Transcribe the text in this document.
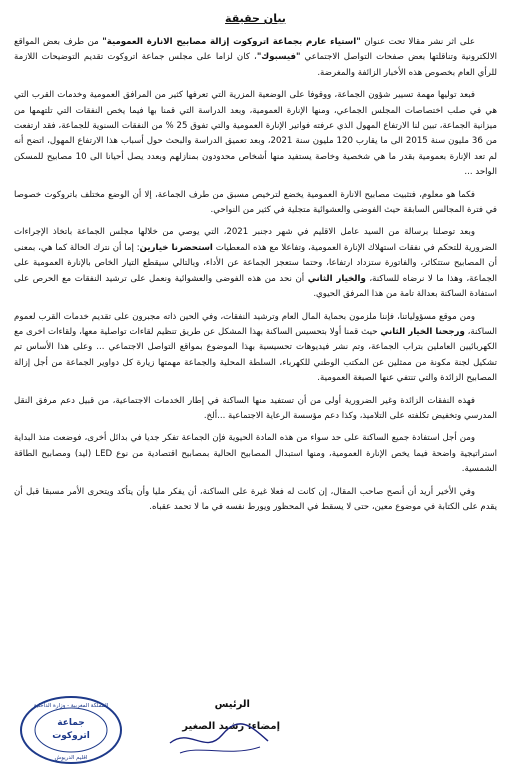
بيان حقيقة

على اثر نشر مقالا تحت عنوان "استياء عارم بجماعة اتروكوت إزالة مصابيح الانارة العمومية" من طرف بعض المواقع الالكترونية وتناقلتها بعض صفحات التواصل الاجتماعي "فيسبوك"، كان لزاما على مجلس جماعة اتروكوت تقديم التوضيحات اللازمة للرأي العام بخصوص هذه الأخبار الزائفة والمغرضة.

فبعد توليها مهمة تسيير شؤون الجماعة، ووقوفا على الوضعية المزرية التي تعرفها كثير من المرافق العمومية وخدمات القرب التي هي في صلب اختصاصات المجلس الجماعي، ومنها الإنارة العمومية، وبعد الدراسة التي قمنا بها فيما يخص النفقات التي تلتهمها من ميزانية الجماعة، تبين لنا الارتفاع المهول الذي عرفته فواتير الإنارة العمومية والتي تفوق 25 % من النفقات السنوية للجماعة، فقد ارتفعت من 36 مليون سنة 2015 الى ما يقارب 120 مليون سنة 2021، وبعد تعميق الدراسة والبحث حول أسباب هذا الارتفاع المهول، اتضح أنه لم تعد الإنارة بعمومية بقدر ما هي شخصية وخاصة يستفيد منها أشخاص محدودون بمنازلهم وبعدد يصل أحيانا الى 10 مصابيح للمسكن الواحد ...

فكما هو معلوم، فتثبيت مصابيح الانارة العمومية يخضع لترخيص مسبق من طرف الجماعة، إلا أن الوضع مختلف باتروكوت خصوصا في فترة المجالس السابقة حيث الفوضى والعشوائية متجلية في كثير من النواحي.

وبعد توصلنا برسالة من السيد عامل الاقليم في شهر دجنبر 2021، التي يوصي من خلالها مجلس الجماعة باتخاذ الإجراءات الضرورية للتحكم في نفقات استهلاك الإنارة العمومية، وتفاعلا مع هذه المعطيات استحضرنا خيارين: إما أن نترك الحالة كما هي، بمعنى أن المصابيح ستتكاثر، والفاتورة ستزداد ارتفاعا، وحتما ستعجز الجماعة عن الأداء، وبالتالي سيقطع التيار الخاص بالإنارة العمومية على الجماعة، وهذا ما لا نرضاه للساكنة، والخيار الثاني أن نحد من هذه الفوضى والعشوائية ونعمل على ترشيد النفقات مع الحرص على استفادة الساكنة بعدالة تامة من هذا المرفق الحيوي.

ومن موقع مسؤولياتنا، فإننا ملزمون بحماية المال العام وترشيد النفقات، وفي الحين ذاته مجبرون على تقديم خدمات القرب لعموم الساكنة، ورجحنا الخيار الثاني حيث قمنا أولا بتحسيس الساكنة بهذا المشكل عن طريق تنظيم لقاءات تواصلية معها، ولقاءات اخرى مع الكهربائيين العاملين بتراب الجماعة، وتم نشر فيديوهات تحسيسية بهذا الموضوع بمواقع التواصل الاجتماعي ... وعلى هذا الأساس تم تشكيل لجنة مكونة من ممثلين عن المكتب الوطني للكهرباء، السلطة المحلية والجماعة مهمتها زيارة كل دواوير الجماعة من أجل إزالة المصابيح الزائدة والتي تنتفي عنها الصبغة العمومية.

فهذه النفقات الزائدة وغير الضرورية أولى من أن تستفيد منها الساكنة في إطار الخدمات الاجتماعية، من قبيل دعم مرفق النقل المدرسي وتخفيض تكلفته على التلاميذ، وكذا دعم مؤسسة الرعاية الاجتماعية ...ألخ.

ومن أجل استفادة جميع الساكنة على حد سواء من هذه المادة الحيوية فإن الجماعة تفكر جديا في بدائل أخرى، فوضعت منذ البداية استراتيجية واضحة فيما يخص الإنارة العمومية، ومنها استبدال المصابيح الحالية بمصابيح اقتصادية من نوع LED (ليد) ومصابيح الطاقة الشمسية.

وفي الأخير أريد أن أنصح صاحب المقال، إن كانت له فعلا غيرة على الساكنة، أن يفكر مليا وأن يتأكد ويتحرى الأمر مسبقا قبل أن يقدم على الكتابة في موضوع معين، حتى لا يسقط في المحظور ويورط نفسه في ما لا تحمد عقباه.

الرئيس
إمضاء: رشيد الصغير
المملكة المغربية - وزارة الداخلية
جماعة
اتروكوت
اقليم الدريوش
